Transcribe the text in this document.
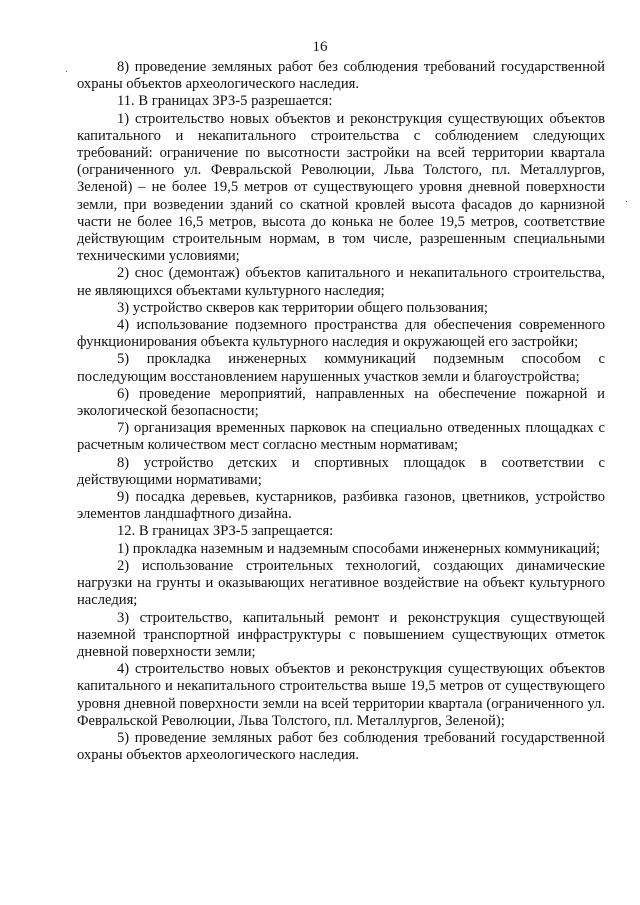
16

8) проведение земляных работ без соблюдения требований государственной охраны объектов археологического наследия.

11. В границах ЗРЗ-5 разрешается:

1) строительство новых объектов и реконструкция существующих объектов капитального и некапитального строительства с соблюдением следующих требований: ограничение по высотности застройки на всей территории квартала (ограниченного ул. Февральской Революции, Льва Толстого, пл. Металлургов, Зеленой) – не более 19,5 метров от существующего уровня дневной поверхности земли, при возведении зданий со скатной кровлей высота фасадов до карнизной части не более 16,5 метров, высота до конька не более 19,5 метров, соответствие действующим строительным нормам, в том числе, разрешенным специальными техническими условиями;

2) снос (демонтаж) объектов капитального и некапитального строительства, не являющихся объектами культурного наследия;

3) устройство скверов как территории общего пользования;

4) использование подземного пространства для обеспечения современного функционирования объекта культурного наследия и окружающей его застройки;

5) прокладка инженерных коммуникаций подземным способом с последующим восстановлением нарушенных участков земли и благоустройства;

6) проведение мероприятий, направленных на обеспечение пожарной и экологической безопасности;

7) организация временных парковок на специально отведенных площадках с расчетным количеством мест согласно местным нормативам;

8) устройство детских и спортивных площадок в соответствии с действующими нормативами;

9) посадка деревьев, кустарников, разбивка газонов, цветников, устройство элементов ландшафтного дизайна.

12. В границах ЗРЗ-5 запрещается:

1) прокладка наземным и надземным способами инженерных коммуникаций;

2) использование строительных технологий, создающих динамические нагрузки на грунты и оказывающих негативное воздействие на объект культурного наследия;

3) строительство, капитальный ремонт и реконструкция существующей наземной транспортной инфраструктуры с повышением существующих отметок дневной поверхности земли;

4) строительство новых объектов и реконструкция существующих объектов капитального и некапитального строительства выше 19,5 метров от существующего уровня дневной поверхности земли на всей территории квартала (ограниченного ул. Февральской Революции, Льва Толстого, пл. Металлургов, Зеленой);

5) проведение земляных работ без соблюдения требований государственной охраны объектов археологического наследия.
